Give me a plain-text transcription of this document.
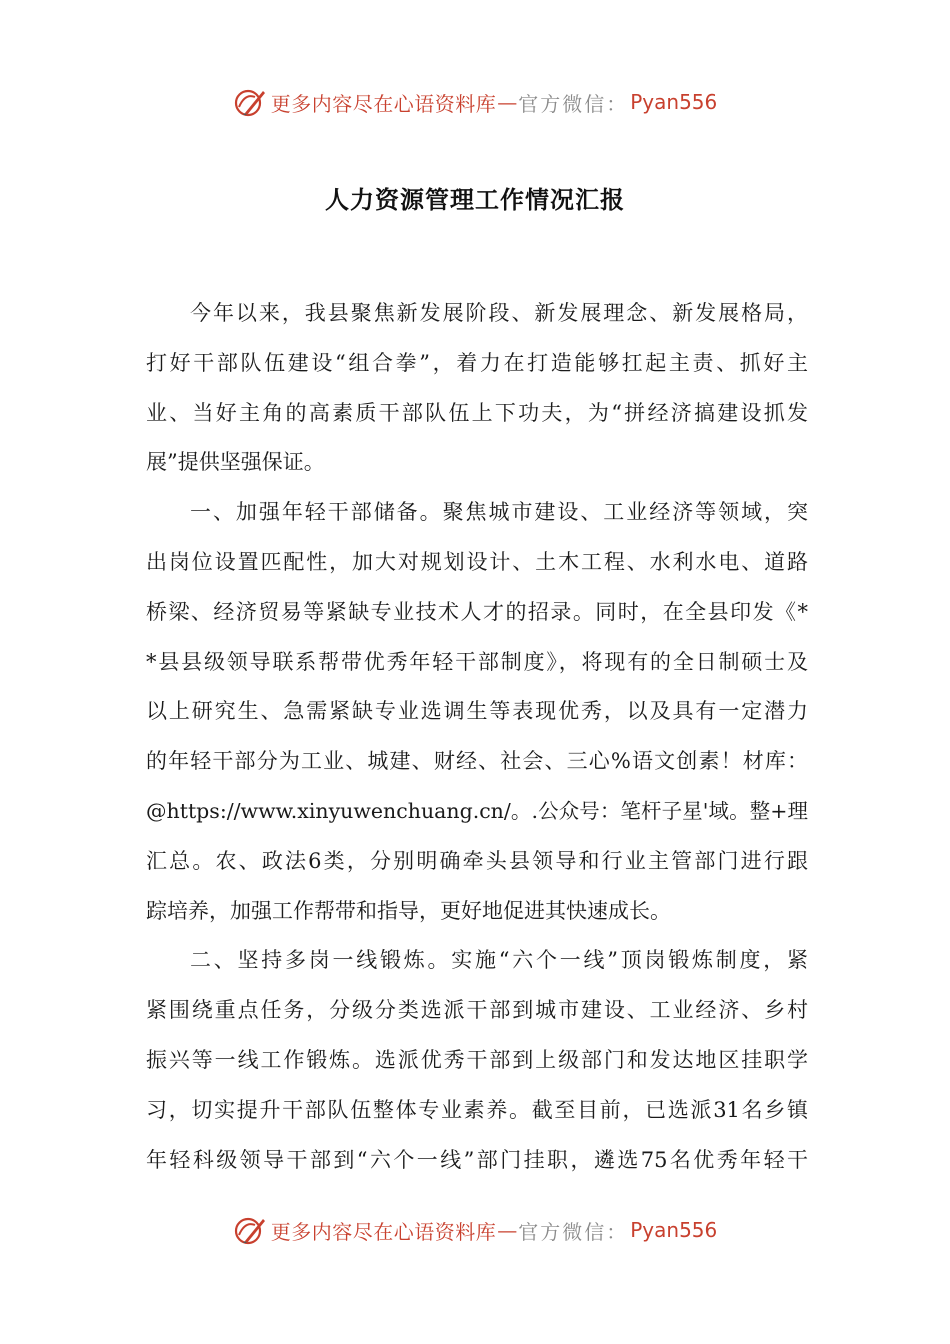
更多内容尽在心语资料库 — 官方微信： Pyan556
人力资源管理工作情况汇报
今年以来，我县聚焦新发展阶段、新发展理念、新发展格局，
打好干部队伍建设“组合拳”，着力在打造能够扛起主责、抓好主
业、当好主角的高素质干部队伍上下功夫，为“拼经济搞建设抓发
展”提供坚强保证。
一、加强年轻干部储备。聚焦城市建设、工业经济等领域，突
出岗位设置匹配性，加大对规划设计、土木工程、水利水电、道路
桥梁、经济贸易等紧缺专业技术人才的招录。同时，在全县印发《*
*县县级领导联系帮带优秀年轻干部制度》，将现有的全日制硕士及
以上研究生、急需紧缺专业选调生等表现优秀，以及具有一定潜力
的年轻干部分为工业、城建、财经、社会、三心%语文创素！材库：
@https://www.xinyuwenchuang.cn/。.公众号：笔杆子星'域。整+理
汇总。农、政法6类，分别明确牵头县领导和行业主管部门进行跟
踪培养，加强工作帮带和指导，更好地促进其快速成长。
二、坚持多岗一线锻炼。实施“六个一线”顶岗锻炼制度，紧
紧围绕重点任务，分级分类选派干部到城市建设、工业经济、乡村
振兴等一线工作锻炼。选派优秀干部到上级部门和发达地区挂职学
习，切实提升干部队伍整体专业素养。截至目前，已选派31名乡镇
年轻科级领导干部到“六个一线”部门挂职，遴选75名优秀年轻干
更多内容尽在心语资料库 — 官方微信： Pyan556
